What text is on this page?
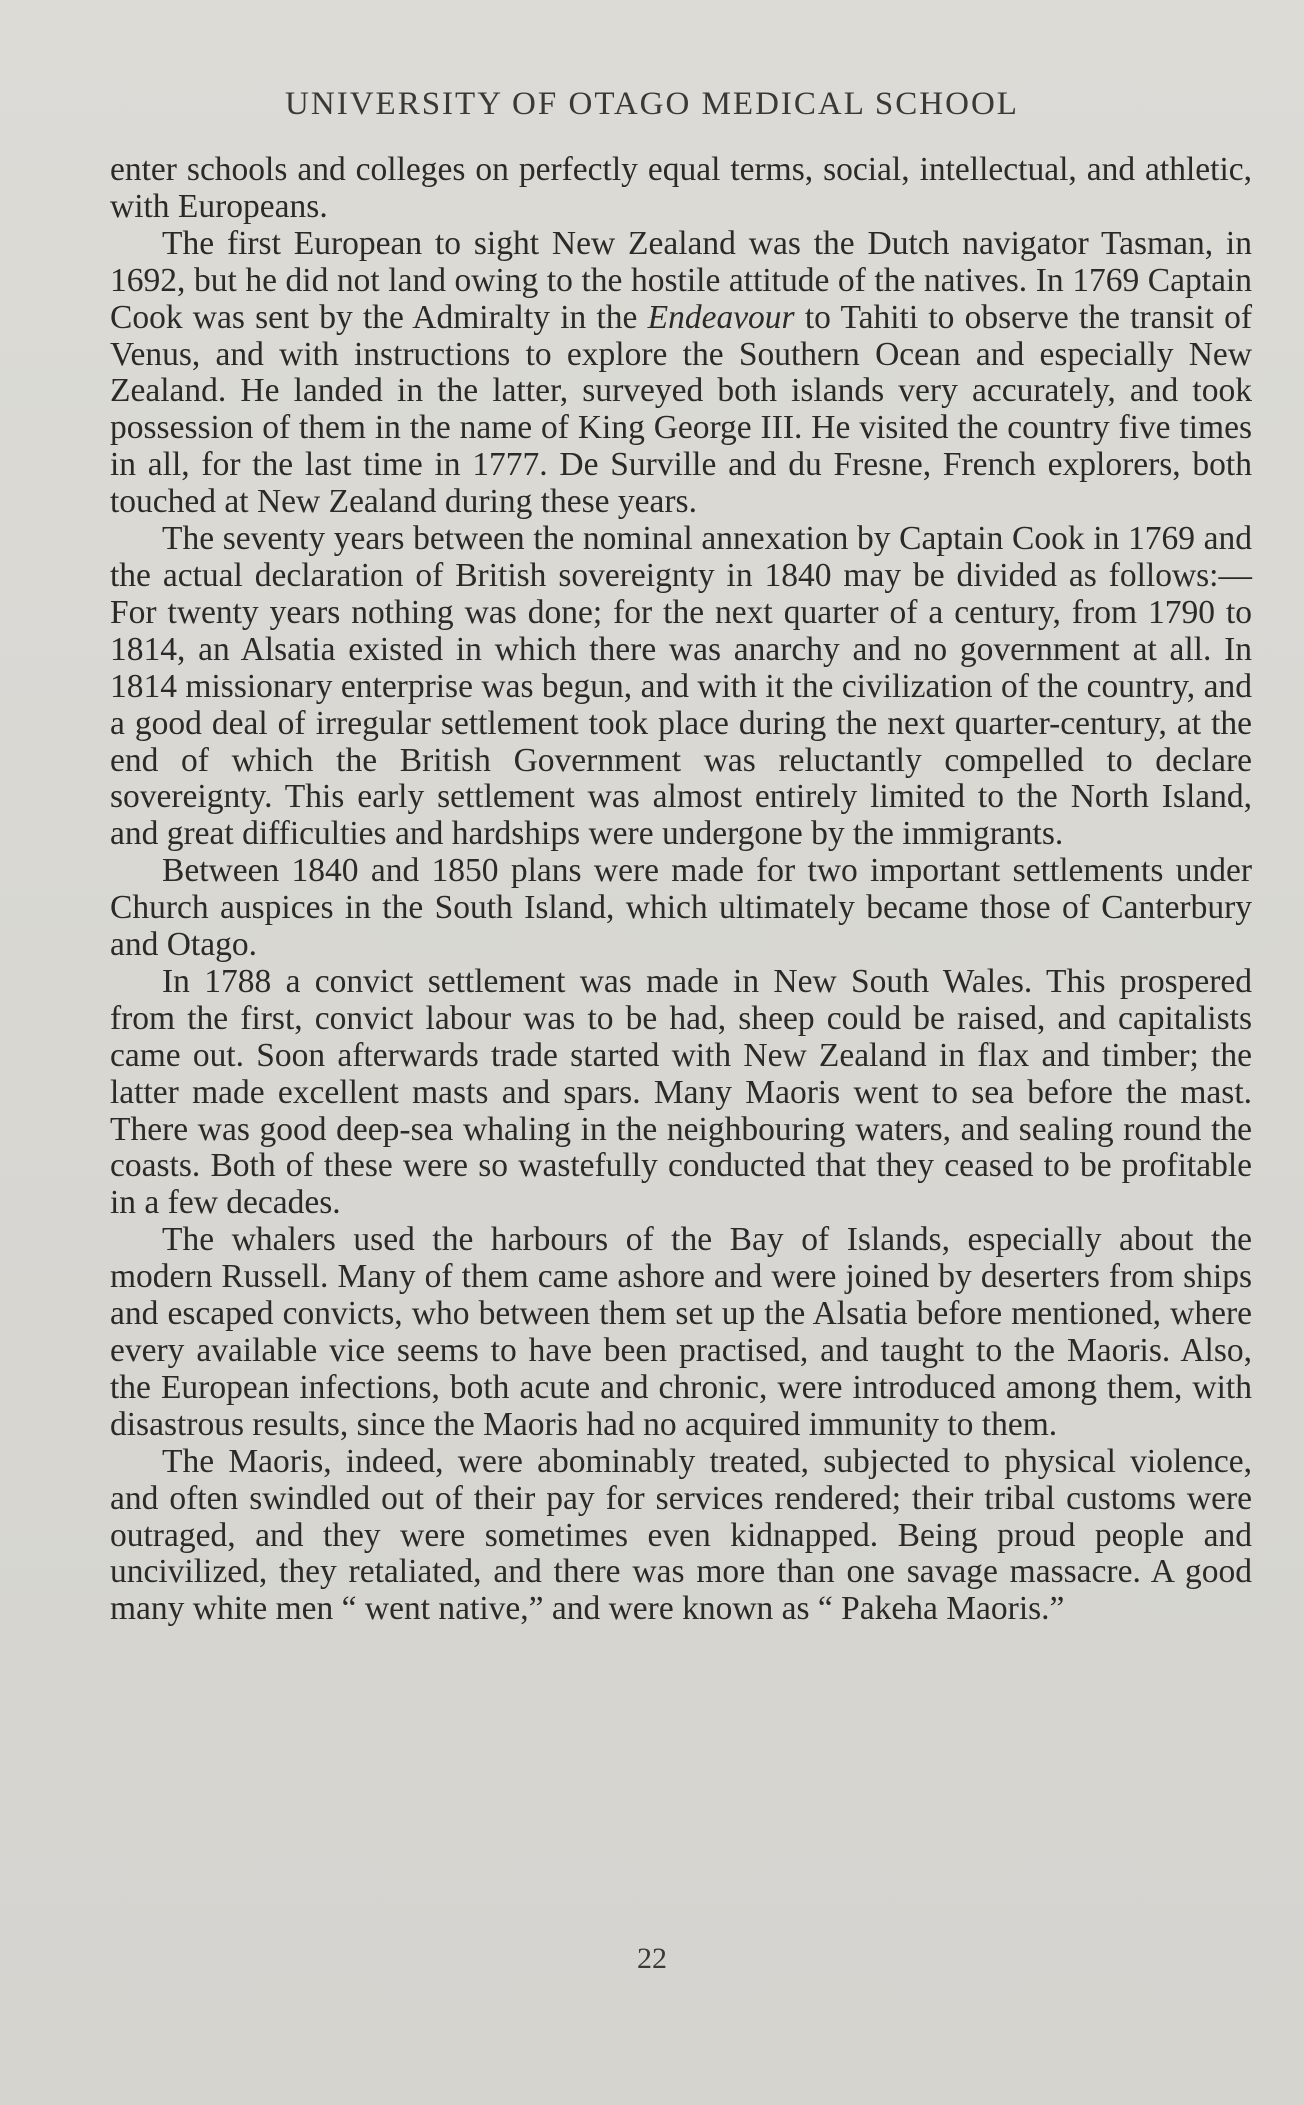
UNIVERSITY OF OTAGO MEDICAL SCHOOL

enter schools and colleges on perfectly equal terms, social, intellectual, and athletic, with Europeans.

The first European to sight New Zealand was the Dutch navigator Tasman, in 1692, but he did not land owing to the hostile attitude of the natives. In 1769 Captain Cook was sent by the Admiralty in the Endeavour to Tahiti to observe the transit of Venus, and with instructions to explore the Southern Ocean and especially New Zealand. He landed in the latter, surveyed both islands very accurately, and took possession of them in the name of King George III. He visited the country five times in all, for the last time in 1777. De Surville and du Fresne, French explorers, both touched at New Zealand during these years.

The seventy years between the nominal annexation by Captain Cook in 1769 and the actual declaration of British sovereignty in 1840 may be divided as follows:—For twenty years nothing was done; for the next quarter of a century, from 1790 to 1814, an Alsatia existed in which there was anarchy and no government at all. In 1814 missionary enterprise was begun, and with it the civilization of the country, and a good deal of irregular settlement took place during the next quarter-century, at the end of which the British Government was reluctantly compelled to declare sovereignty. This early settlement was almost entirely limited to the North Island, and great difficulties and hardships were undergone by the immigrants.

Between 1840 and 1850 plans were made for two important settlements under Church auspices in the South Island, which ultimately became those of Canterbury and Otago.

In 1788 a convict settlement was made in New South Wales. This prospered from the first, convict labour was to be had, sheep could be raised, and capitalists came out. Soon afterwards trade started with New Zealand in flax and timber; the latter made excellent masts and spars. Many Maoris went to sea before the mast. There was good deep-sea whaling in the neighbouring waters, and sealing round the coasts. Both of these were so wastefully conducted that they ceased to be profitable in a few decades.

The whalers used the harbours of the Bay of Islands, especially about the modern Russell. Many of them came ashore and were joined by deserters from ships and escaped convicts, who between them set up the Alsatia before mentioned, where every available vice seems to have been practised, and taught to the Maoris. Also, the European infections, both acute and chronic, were introduced among them, with disastrous results, since the Maoris had no acquired immunity to them.

The Maoris, indeed, were abominably treated, subjected to physical violence, and often swindled out of their pay for services rendered; their tribal customs were outraged, and they were sometimes even kidnapped. Being proud people and uncivilized, they retaliated, and there was more than one savage massacre. A good many white men “ went native,” and were known as “ Pakeha Maoris.”

22
